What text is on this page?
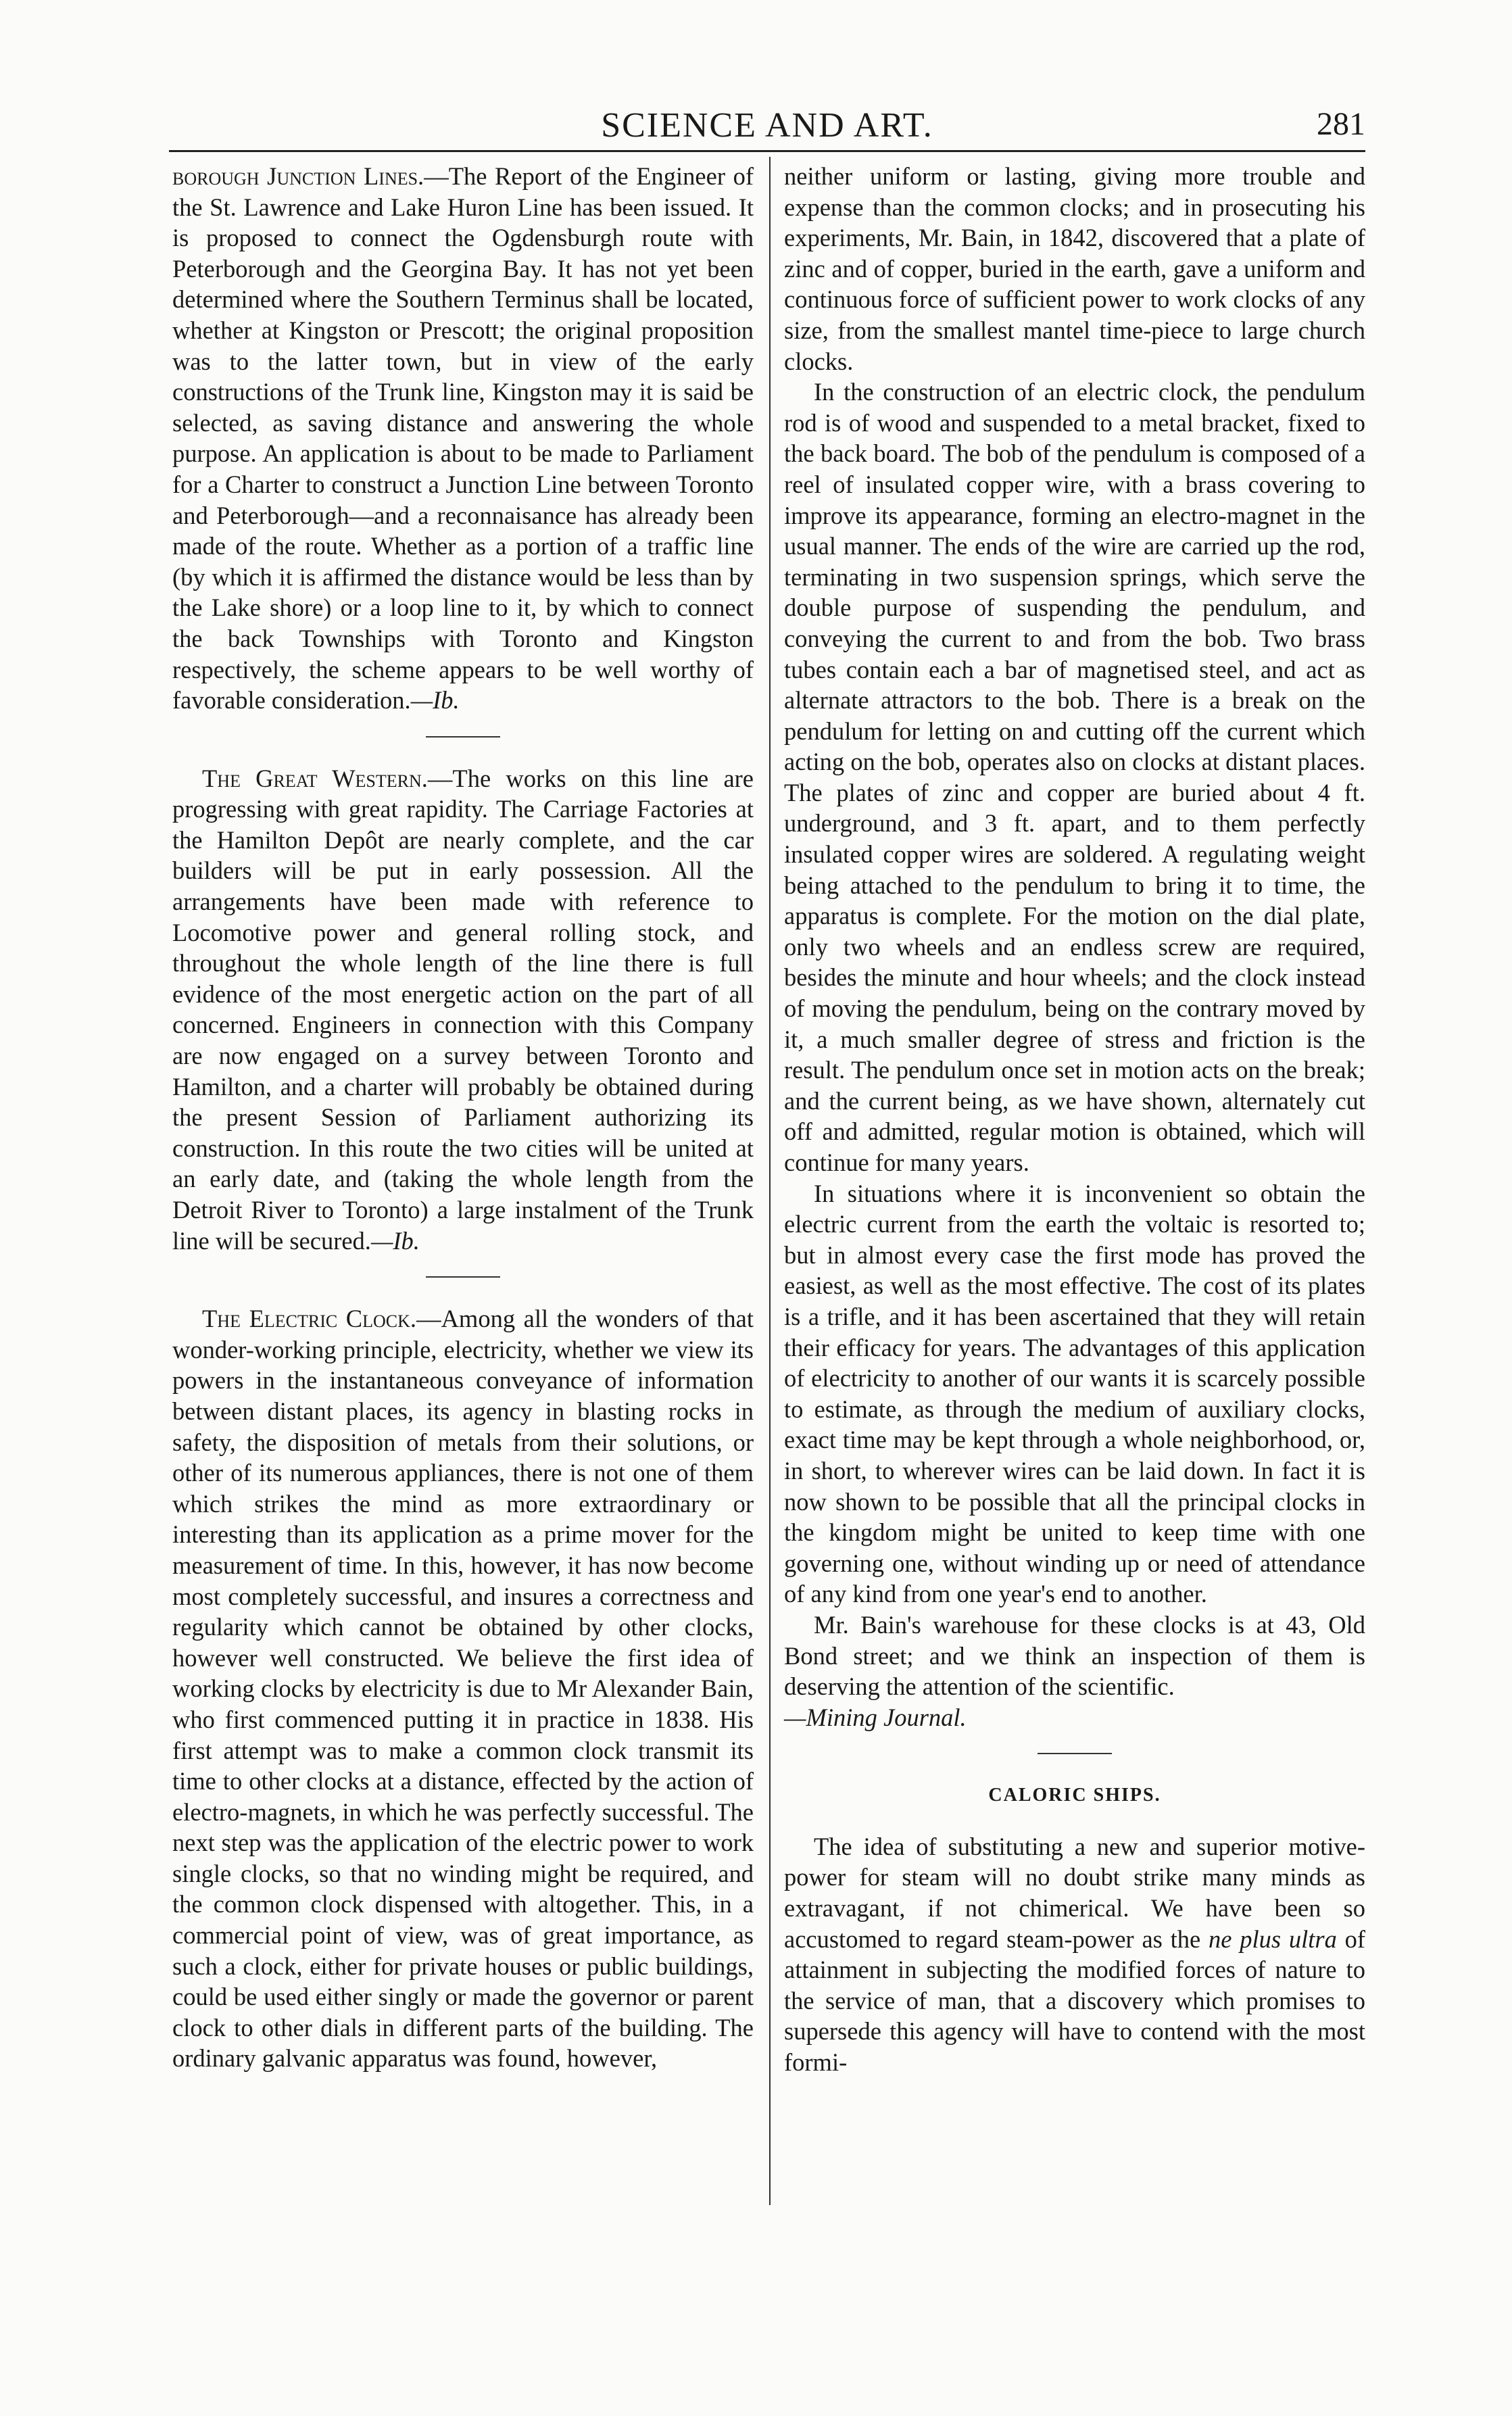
SCIENCE AND ART.	281

borough Junction Lines.—The Report of the Engineer of the St. Lawrence and Lake Huron Line has been issued. It is proposed to connect the Ogdensburgh route with Peterborough and the Georgina Bay. It has not yet been determined where the Southern Terminus shall be located, whether at Kingston or Prescott; the original proposition was to the latter town, but in view of the early constructions of the Trunk line, Kingston may it is said be selected, as saving distance and answering the whole purpose. An application is about to be made to Parliament for a Charter to construct a Junction Line between Toronto and Peterborough—and a reconnaisance has already been made of the route. Whether as a portion of a traffic line (by which it is affirmed the distance would be less than by the Lake shore) or a loop line to it, by which to connect the back Townships with Toronto and Kingston respectively, the scheme appears to be well worthy of favorable consideration.—Ib.

The Great Western.—The works on this line are progressing with great rapidity. The Carriage Factories at the Hamilton Depôt are nearly complete, and the car builders will be put in early possession. All the arrangements have been made with reference to Locomotive power and general rolling stock, and throughout the whole length of the line there is full evidence of the most energetic action on the part of all concerned. Engineers in connection with this Company are now engaged on a survey between Toronto and Hamilton, and a charter will probably be obtained during the present Session of Parliament authorizing its construction. In this route the two cities will be united at an early date, and (taking the whole length from the Detroit River to Toronto) a large instalment of the Trunk line will be secured.—Ib.

The Electric Clock.—Among all the wonders of that wonder-working principle, electricity, whether we view its powers in the instantaneous conveyance of information between distant places, its agency in blasting rocks in safety, the disposition of metals from their solutions, or other of its numerous appliances, there is not one of them which strikes the mind as more extraordinary or interesting than its application as a prime mover for the measurement of time. In this, however, it has now become most completely successful, and insures a correctness and regularity which cannot be obtained by other clocks, however well constructed. We believe the first idea of working clocks by electricity is due to Mr Alexander Bain, who first commenced putting it in practice in 1838. His first attempt was to make a common clock transmit its time to other clocks at a distance, effected by the action of electro-magnets, in which he was perfectly successful. The next step was the application of the electric power to work single clocks, so that no winding might be required, and the common clock dispensed with altogether. This, in a commercial point of view, was of great importance, as such a clock, either for private houses or public buildings, could be used either singly or made the governor or parent clock to other dials in different parts of the building. The ordinary galvanic apparatus was found, however,

neither uniform or lasting, giving more trouble and expense than the common clocks; and in prosecuting his experiments, Mr. Bain, in 1842, discovered that a plate of zinc and of copper, buried in the earth, gave a uniform and continuous force of sufficient power to work clocks of any size, from the smallest mantel time-piece to large church clocks.

In the construction of an electric clock, the pendulum rod is of wood and suspended to a metal bracket, fixed to the back board. The bob of the pendulum is composed of a reel of insulated copper wire, with a brass covering to improve its appearance, forming an electro-magnet in the usual manner. The ends of the wire are carried up the rod, terminating in two suspension springs, which serve the double purpose of suspending the pendulum, and conveying the current to and from the bob. Two brass tubes contain each a bar of magnetised steel, and act as alternate attractors to the bob. There is a break on the pendulum for letting on and cutting off the current which acting on the bob, operates also on clocks at distant places. The plates of zinc and copper are buried about 4 ft. underground, and 3 ft. apart, and to them perfectly insulated copper wires are soldered. A regulating weight being attached to the pendulum to bring it to time, the apparatus is complete. For the motion on the dial plate, only two wheels and an endless screw are required, besides the minute and hour wheels; and the clock instead of moving the pendulum, being on the contrary moved by it, a much smaller degree of stress and friction is the result. The pendulum once set in motion acts on the break; and the current being, as we have shown, alternately cut off and admitted, regular motion is obtained, which will continue for many years.

In situations where it is inconvenient so obtain the electric current from the earth the voltaic is resorted to; but in almost every case the first mode has proved the easiest, as well as the most effective. The cost of its plates is a trifle, and it has been ascertained that they will retain their efficacy for years. The advantages of this application of electricity to another of our wants it is scarcely possible to estimate, as through the medium of auxiliary clocks, exact time may be kept through a whole neighborhood, or, in short, to wherever wires can be laid down. In fact it is now shown to be possible that all the principal clocks in the kingdom might be united to keep time with one governing one, without winding up or need of attendance of any kind from one year's end to another.

Mr. Bain's warehouse for these clocks is at 43, Old Bond street; and we think an inspection of them is deserving the attention of the scientific.

—Mining Journal.

CALORIC SHIPS.

The idea of substituting a new and superior motive-power for steam will no doubt strike many minds as extravagant, if not chimerical. We have been so accustomed to regard steam-power as the ne plus ultra of attainment in subjecting the modified forces of nature to the service of man, that a discovery which promises to supersede this agency will have to contend with the most formi-
